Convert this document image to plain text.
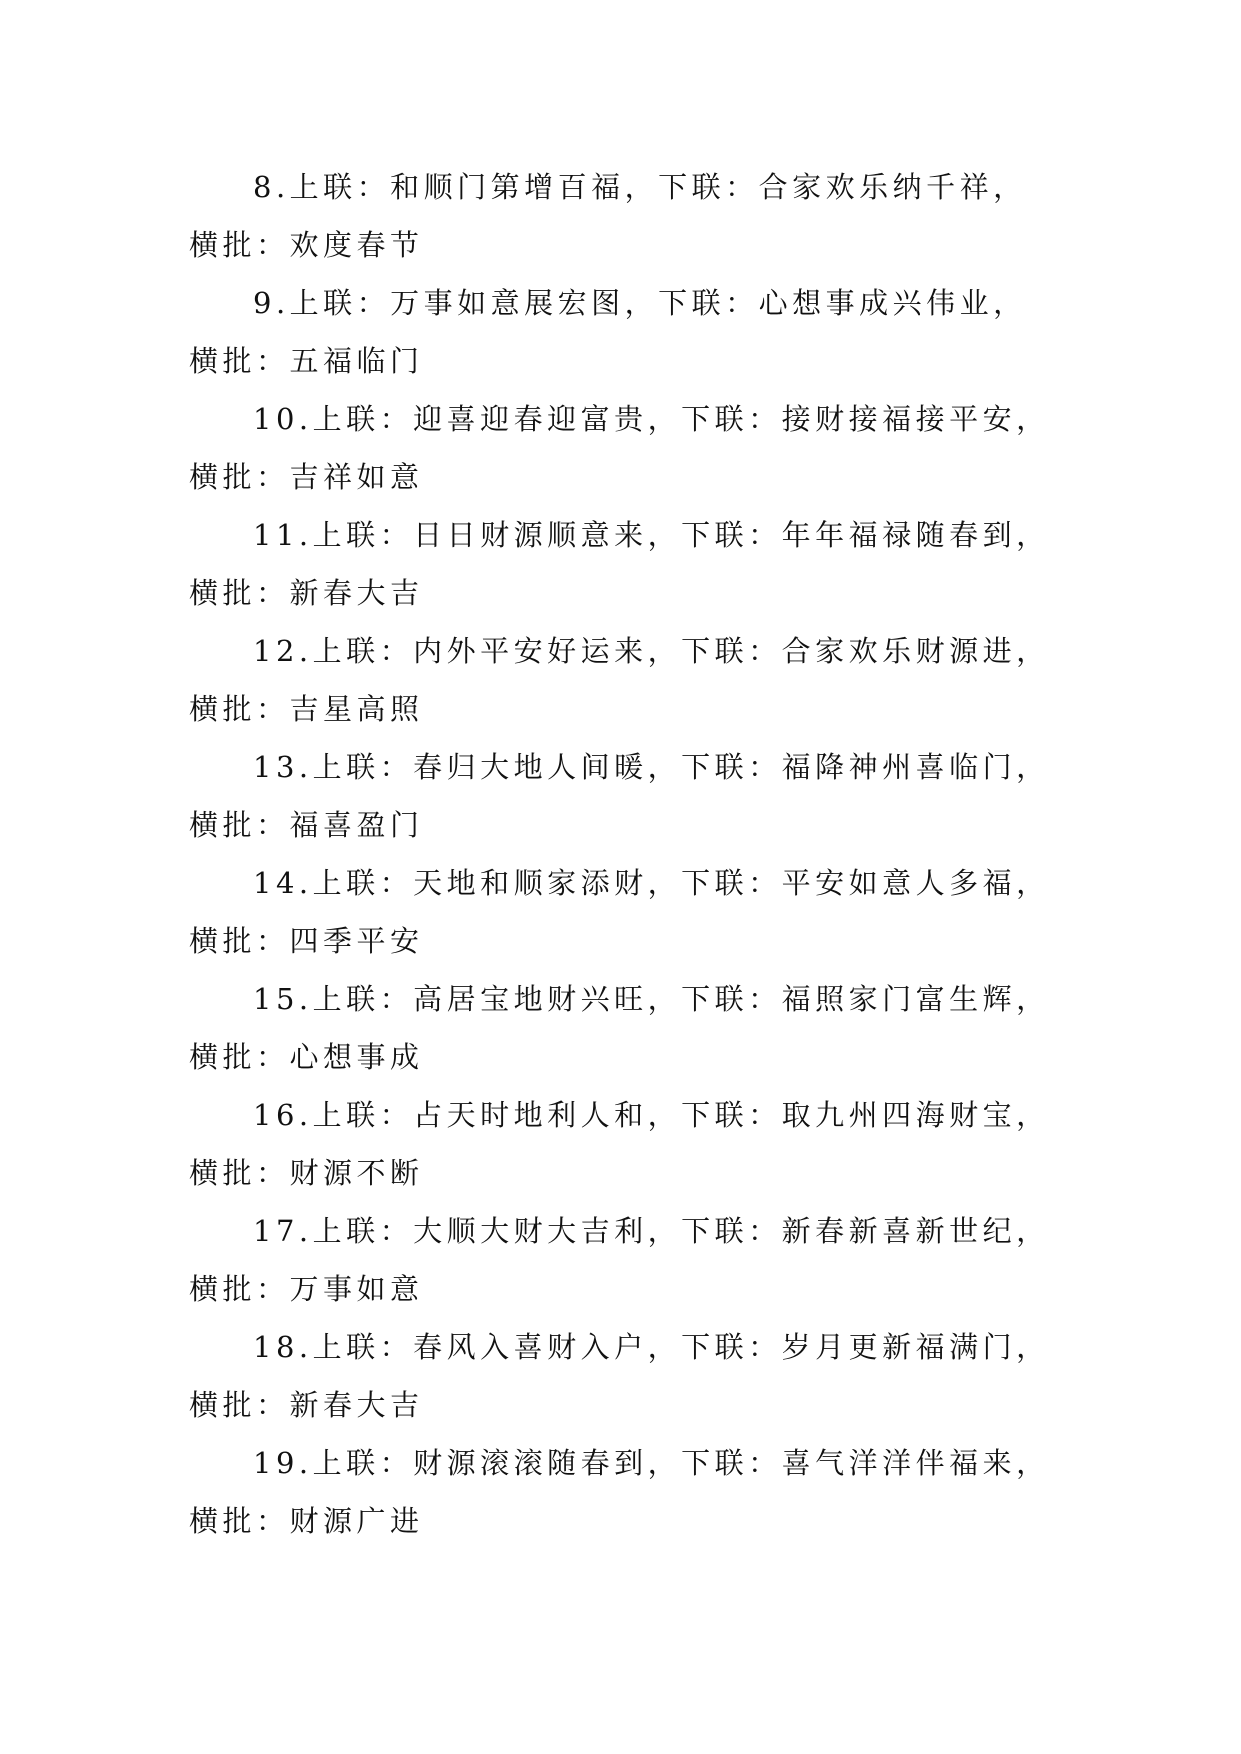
8.上联：和顺门第增百福，下联：合家欢乐纳千祥，横批：欢度春节

9.上联：万事如意展宏图，下联：心想事成兴伟业，横批：五福临门

10.上联：迎喜迎春迎富贵，下联：接财接福接平安，横批：吉祥如意

11.上联：日日财源顺意来，下联：年年福禄随春到，横批：新春大吉

12.上联：内外平安好运来，下联：合家欢乐财源进，横批：吉星高照

13.上联：春归大地人间暖，下联：福降神州喜临门，横批：福喜盈门

14.上联：天地和顺家添财，下联：平安如意人多福，横批：四季平安

15.上联：高居宝地财兴旺，下联：福照家门富生辉，横批：心想事成

16.上联：占天时地利人和，下联：取九州四海财宝，横批：财源不断

17.上联：大顺大财大吉利，下联：新春新喜新世纪，横批：万事如意

18.上联：春风入喜财入户，下联：岁月更新福满门，横批：新春大吉

19.上联：财源滚滚随春到，下联：喜气洋洋伴福来，横批：财源广进
